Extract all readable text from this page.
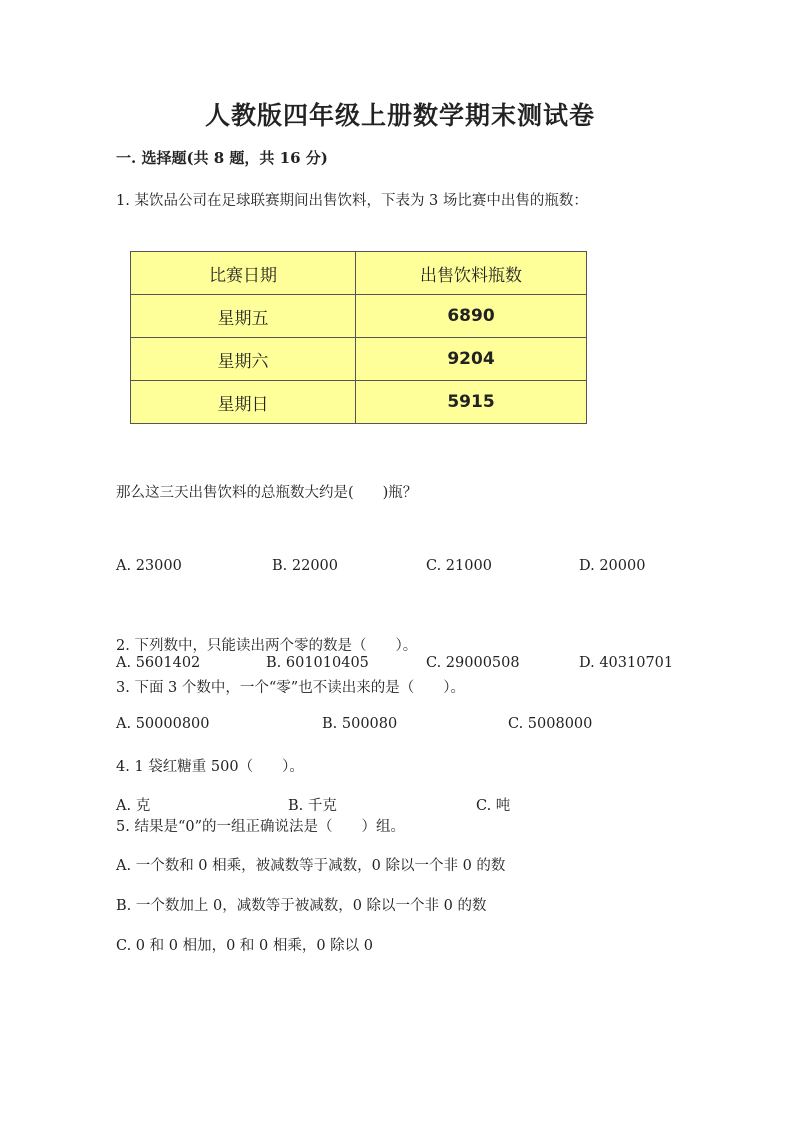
人教版四年级上册数学期末测试卷
一. 选择题(共 8 题，共 16 分)
1. 某饮品公司在足球联赛期间出售饮料，下表为 3 场比赛中出售的瓶数：
比赛日期	出售饮料瓶数
星期五	6890
星期六	9204
星期日	5915
那么这三天出售饮料的总瓶数大约是(　　)瓶？
A. 23000	B. 22000	C. 21000	D. 20000
2. 下列数中，只能读出两个零的数是（　　）。
A. 5601402	B. 601010405	C. 29000508	D. 40310701
3. 下面 3 个数中，一个“零”也不读出来的是（　　）。
A. 50000800	B. 500080	C. 5008000
4. 1 袋红糖重 500（　　）。
A. 克	B. 千克	C. 吨
5. 结果是“0”的一组正确说法是（　　）组。
A. 一个数和 0 相乘，被减数等于减数，0 除以一个非 0 的数
B. 一个数加上 0，减数等于被减数，0 除以一个非 0 的数
C. 0 和 0 相加，0 和 0 相乘，0 除以 0
